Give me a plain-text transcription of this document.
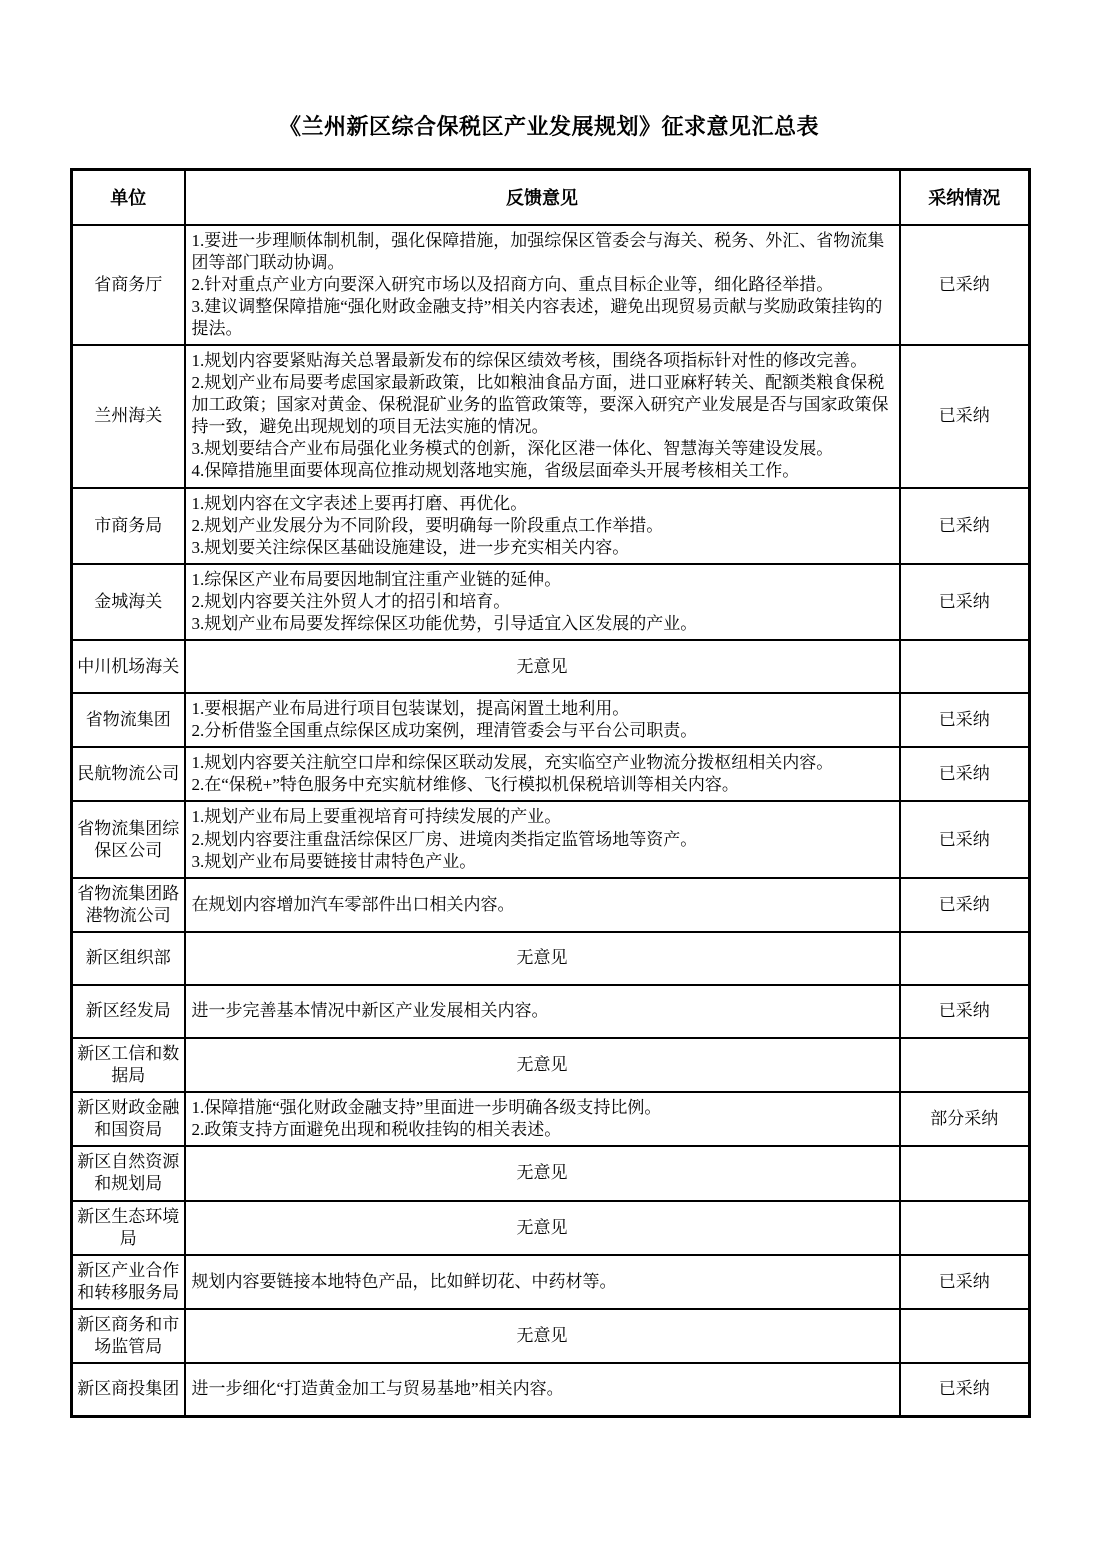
《兰州新区综合保税区产业发展规划》征求意见汇总表
单位	反馈意见	采纳情况
省商务厅	1.要进一步理顺体制机制，强化保障措施，加强综保区管委会与海关、税务、外汇、省物流集团等部门联动协调。

2.针对重点产业方向要深入研究市场以及招商方向、重点目标企业等，细化路径举措。

3.建议调整保障措施“强化财政金融支持”相关内容表述，避免出现贸易贡献与奖励政策挂钩的提法。	已采纳
兰州海关	1.规划内容要紧贴海关总署最新发布的综保区绩效考核，围绕各项指标针对性的修改完善。

2.规划产业布局要考虑国家最新政策，比如粮油食品方面，进口亚麻籽转关、配额类粮食保税加工政策；国家对黄金、保税混矿业务的监管政策等，要深入研究产业发展是否与国家政策保持一致，避免出现规划的项目无法实施的情况。

3.规划要结合产业布局强化业务模式的创新，深化区港一体化、智慧海关等建设发展。

4.保障措施里面要体现高位推动规划落地实施，省级层面牵头开展考核相关工作。	已采纳
市商务局	1.规划内容在文字表述上要再打磨、再优化。

2.规划产业发展分为不同阶段，要明确每一阶段重点工作举措。

3.规划要关注综保区基础设施建设，进一步充实相关内容。	已采纳
金城海关	1.综保区产业布局要因地制宜注重产业链的延伸。

2.规划内容要关注外贸人才的招引和培育。

3.规划产业布局要发挥综保区功能优势，引导适宜入区发展的产业。	已采纳
中川机场海关	无意见	
省物流集团	1.要根据产业布局进行项目包装谋划，提高闲置土地利用。

2.分析借鉴全国重点综保区成功案例，理清管委会与平台公司职责。	已采纳
民航物流公司	1.规划内容要关注航空口岸和综保区联动发展，充实临空产业物流分拨枢纽相关内容。

2.在“保税+”特色服务中充实航材维修、飞行模拟机保税培训等相关内容。	已采纳
省物流集团综保区公司	1.规划产业布局上要重视培育可持续发展的产业。

2.规划内容要注重盘活综保区厂房、进境肉类指定监管场地等资产。

3.规划产业布局要链接甘肃特色产业。	已采纳
省物流集团路港物流公司	在规划内容增加汽车零部件出口相关内容。	已采纳
新区组织部	无意见	
新区经发局	进一步完善基本情况中新区产业发展相关内容。	已采纳
新区工信和数据局	无意见	
新区财政金融和国资局	1.保障措施“强化财政金融支持”里面进一步明确各级支持比例。

2.政策支持方面避免出现和税收挂钩的相关表述。	部分采纳
新区自然资源和规划局	无意见	
新区生态环境局	无意见	
新区产业合作和转移服务局	规划内容要链接本地特色产品，比如鲜切花、中药材等。	已采纳
新区商务和市场监管局	无意见	
新区商投集团	进一步细化“打造黄金加工与贸易基地”相关内容。	已采纳
